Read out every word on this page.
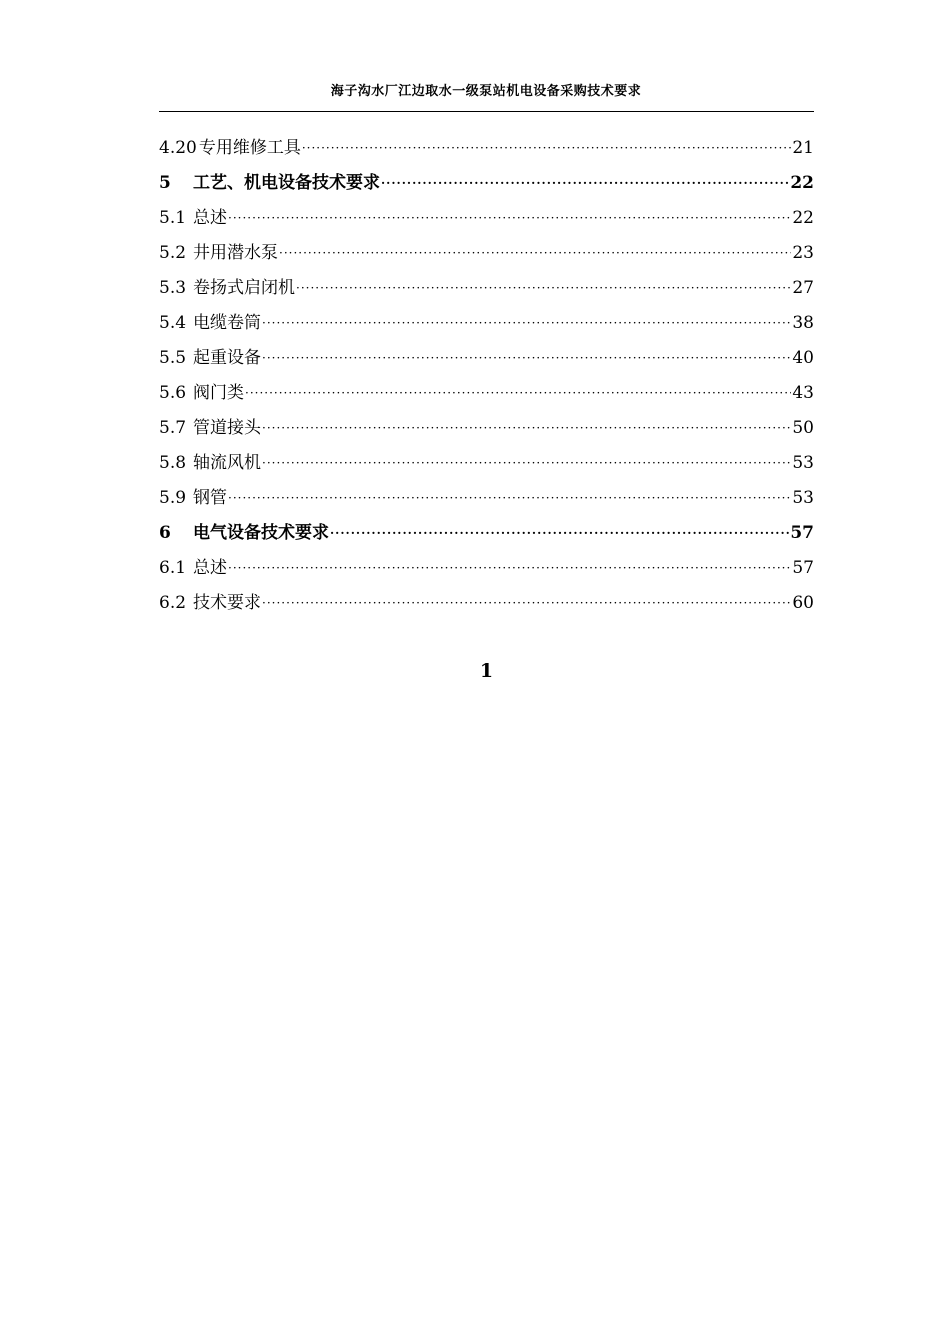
海子沟水厂江边取水一级泵站机电设备采购技术要求
4.20 专用维修工具 ·····	21
5	工艺、机电设备技术要求 ·····	22
5.1 总述 ·····	22
5.2 井用潜水泵 ·····	23
5.3 卷扬式启闭机 ·····	27
5.4 电缆卷筒 ·····	38
5.5 起重设备 ·····	40
5.6 阀门类 ·····	43
5.7 管道接头 ·····	50
5.8 轴流风机 ·····	53
5.9 钢管 ·····	53
6	电气设备技术要求 ·····	57
6.1 总述 ·····	57
6.2 技术要求 ·····	60
1
